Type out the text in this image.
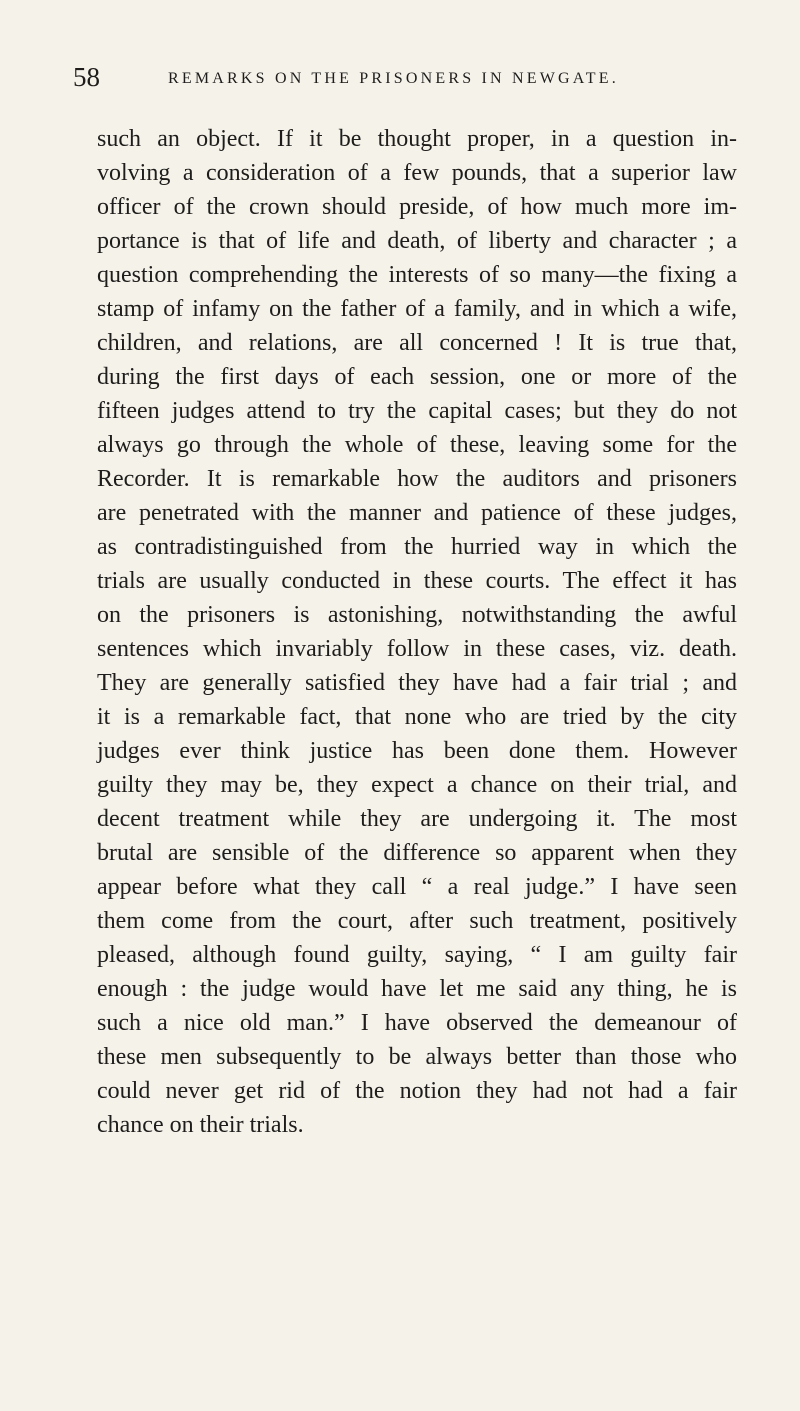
58	REMARKS ON THE PRISONERS IN NEWGATE.
such an object. If it be thought proper, in a question in-
volving a consideration of a few pounds, that a superior law
officer of the crown should preside, of how much more im-
portance is that of life and death, of liberty and character ; a
question comprehending the interests of so many—the fixing a
stamp of infamy on the father of a family, and in which a wife,
children, and relations, are all concerned ! It is true that,
during the first days of each session, one or more of the
fifteen judges attend to try the capital cases; but they do not
always go through the whole of these, leaving some for the
Recorder. It is remarkable how the auditors and prisoners
are penetrated with the manner and patience of these judges,
as contradistinguished from the hurried way in which the
trials are usually conducted in these courts. The effect it has
on the prisoners is astonishing, notwithstanding the awful
sentences which invariably follow in these cases, viz. death.
They are generally satisfied they have had a fair trial ; and
it is a remarkable fact, that none who are tried by the city
judges ever think justice has been done them. However
guilty they may be, they expect a chance on their trial, and
decent treatment while they are undergoing it. The most
brutal are sensible of the difference so apparent when they
appear before what they call “ a real judge.” I have seen
them come from the court, after such treatment, positively
pleased, although found guilty, saying, “ I am guilty fair
enough : the judge would have let me said any thing, he is
such a nice old man.” I have observed the demeanour of
these men subsequently to be always better than those who
could never get rid of the notion they had not had a fair
chance on their trials.
